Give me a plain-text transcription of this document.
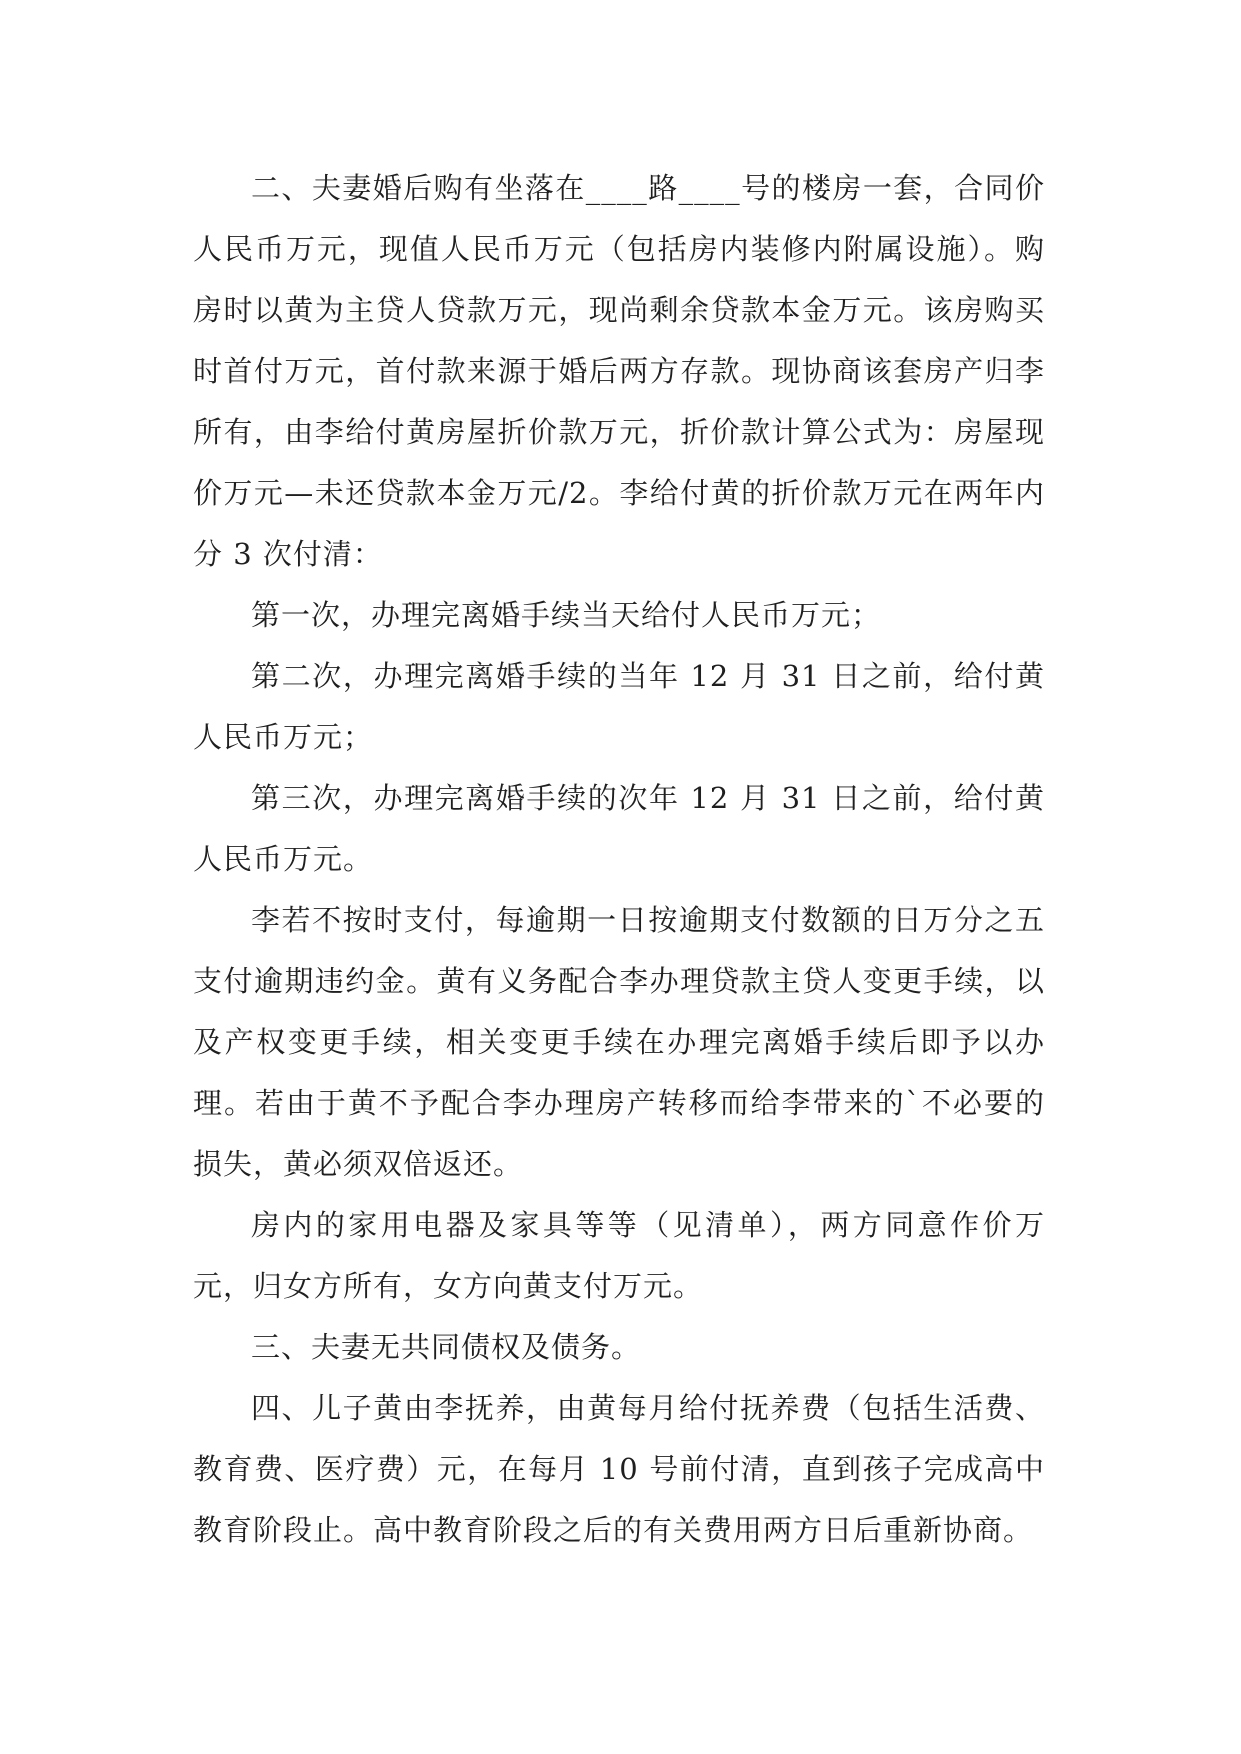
二、夫妻婚后购有坐落在____路____号的楼房一套，合同价人民币万元，现值人民币万元（包括房内装修内附属设施）。购房时以黄为主贷人贷款万元，现尚剩余贷款本金万元。该房购买时首付万元，首付款来源于婚后两方存款。现协商该套房产归李所有，由李给付黄房屋折价款万元，折价款计算公式为：房屋现价万元—未还贷款本金万元/2。李给付黄的折价款万元在两年内分 3 次付清：

第一次，办理完离婚手续当天给付人民币万元；

第二次，办理完离婚手续的当年 12 月 31 日之前，给付黄人民币万元；

第三次，办理完离婚手续的次年 12 月 31 日之前，给付黄人民币万元。

李若不按时支付，每逾期一日按逾期支付数额的日万分之五支付逾期违约金。黄有义务配合李办理贷款主贷人变更手续，以及产权变更手续，相关变更手续在办理完离婚手续后即予以办理。若由于黄不予配合李办理房产转移而给李带来的`不必要的损失，黄必须双倍返还。

房内的家用电器及家具等等（见清单），两方同意作价万元，归女方所有，女方向黄支付万元。

三、夫妻无共同债权及债务。

四、儿子黄由李抚养，由黄每月给付抚养费（包括生活费、教育费、医疗费）元，在每月 10 号前付清，直到孩子完成高中教育阶段止。高中教育阶段之后的有关费用两方日后重新协商。
